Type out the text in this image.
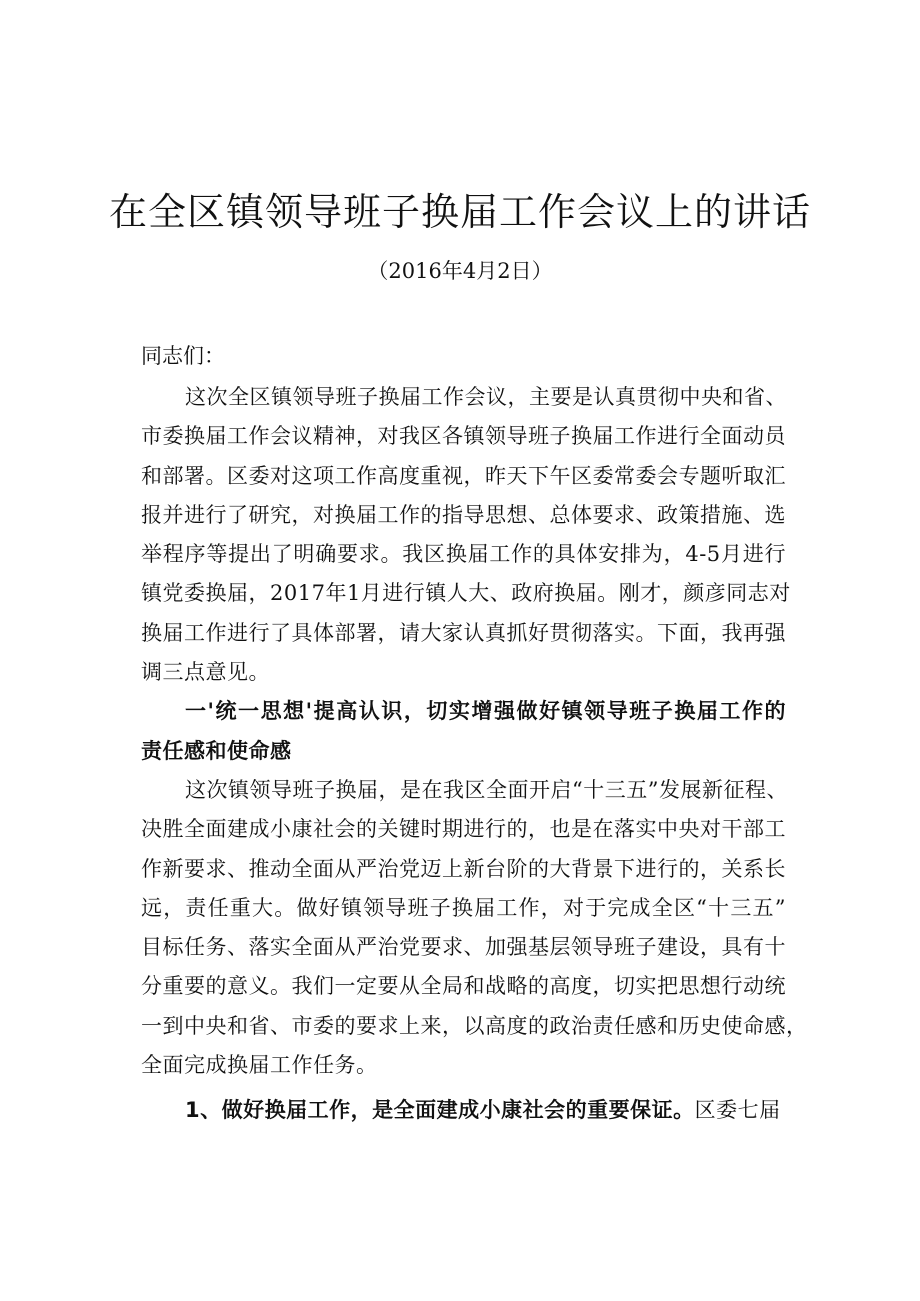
在全区镇领导班子换届工作会议上的讲话
（2016年4月2日）
同志们：
这次全区镇领导班子换届工作会议，主要是认真贯彻中央和省、
市委换届工作会议精神，对我区各镇领导班子换届工作进行全面动员
和部署。区委对这项工作高度重视，昨天下午区委常委会专题听取汇
报并进行了研究，对换届工作的指导思想、总体要求、政策措施、选
举程序等提出了明确要求。我区换届工作的具体安排为，4-5月进行
镇党委换届，2017年1月进行镇人大、政府换届。刚才，颜彦同志对
换届工作进行了具体部署，请大家认真抓好贯彻落实。下面，我再强
调三点意见。
一'统一思想'提高认识，切实增强做好镇领导班子换届工作的
责任感和使命感
这次镇领导班子换届，是在我区全面开启“十三五”发展新征程、
决胜全面建成小康社会的关键时期进行的，也是在落实中央对干部工
作新要求、推动全面从严治党迈上新台阶的大背景下进行的，关系长
远，责任重大。做好镇领导班子换届工作，对于完成全区“十三五”
目标任务、落实全面从严治党要求、加强基层领导班子建设，具有十
分重要的意义。我们一定要从全局和战略的高度，切实把思想行动统
一到中央和省、市委的要求上来，以高度的政治责任感和历史使命感，
全面完成换届工作任务。
1、做好换届工作，是全面建成小康社会的重要保证。区委七届
